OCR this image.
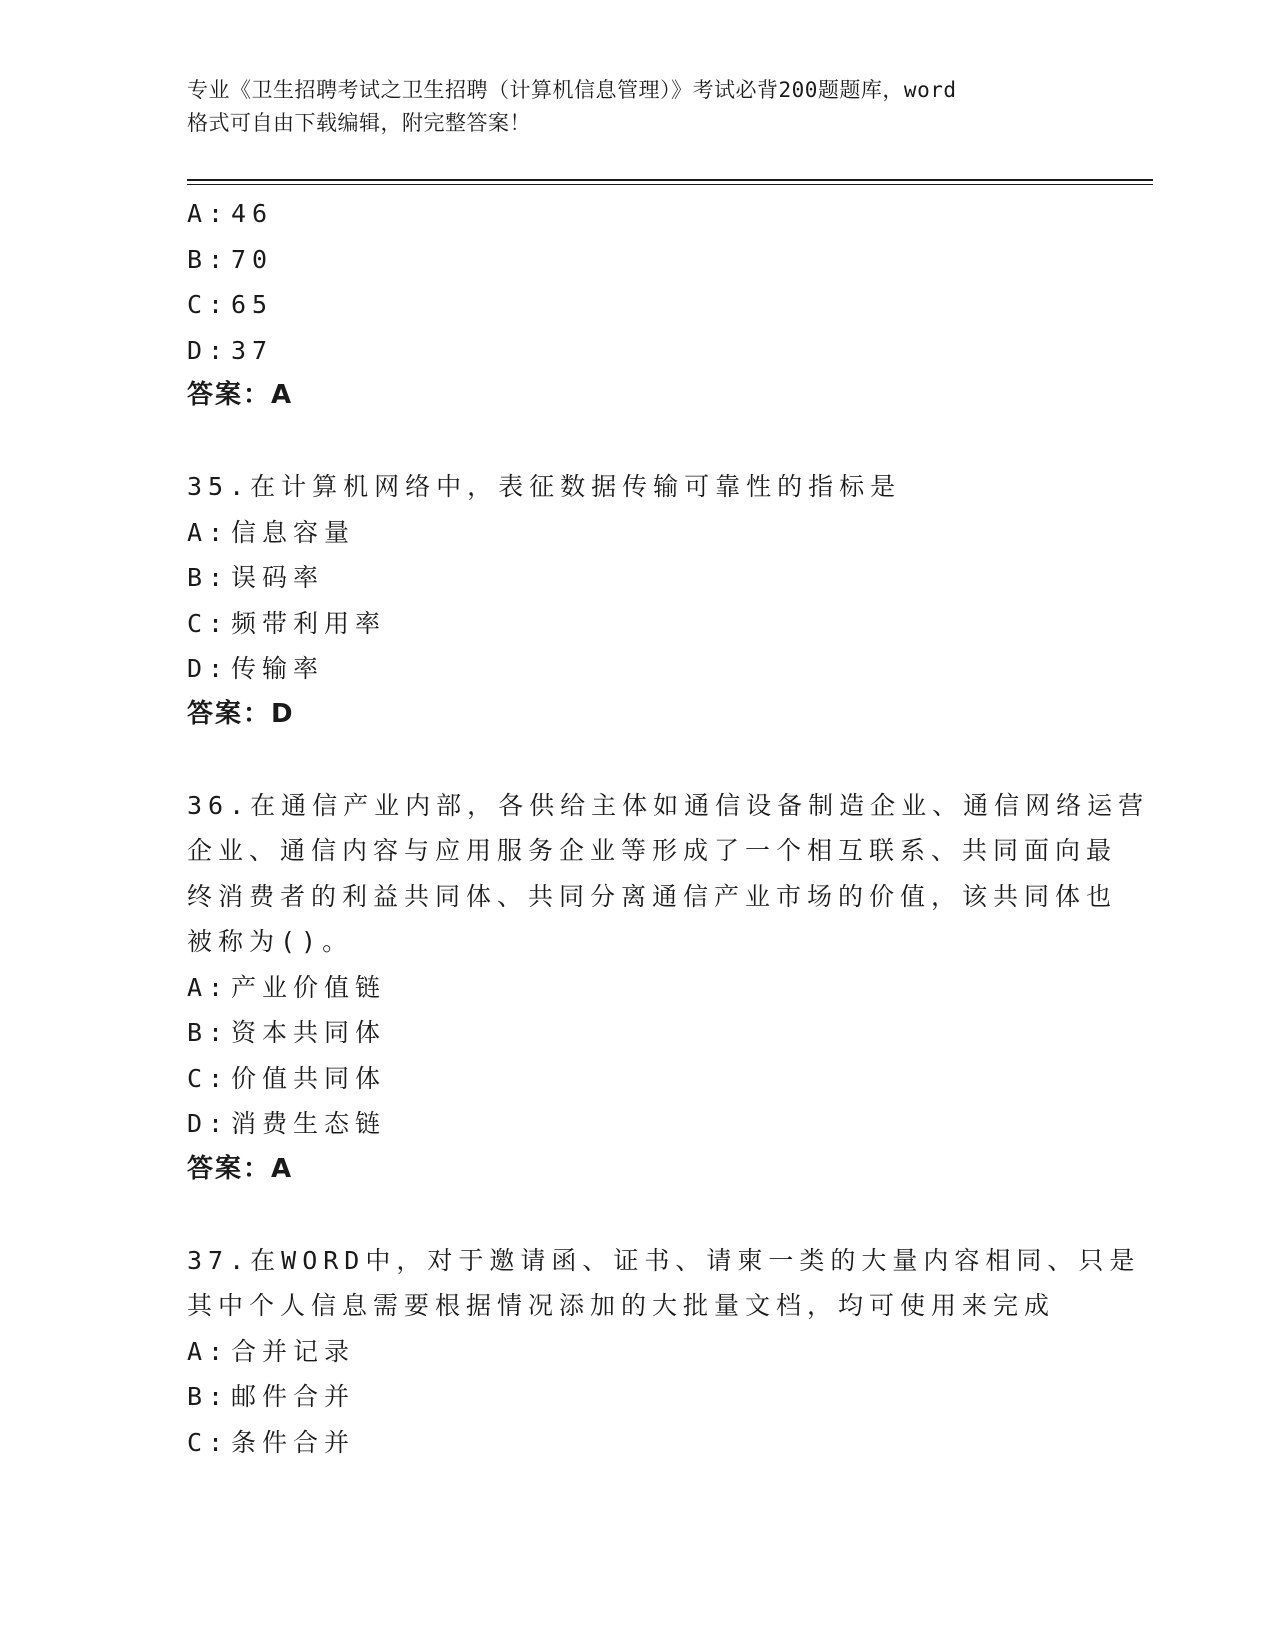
专业《卫生招聘考试之卫生招聘（计算机信息管理）》考试必背200题题库，word
格式可自由下载编辑，附完整答案！
A:46
B:70
C:65
D:37
答案：A
35.在计算机网络中，表征数据传输可靠性的指标是
A:信息容量
B:误码率
C:频带利用率
D:传输率
答案：D
36.在通信产业内部，各供给主体如通信设备制造企业、通信网络运营
企业、通信内容与应用服务企业等形成了一个相互联系、共同面向最
终消费者的利益共同体、共同分离通信产业市场的价值，该共同体也
被称为()。
A:产业价值链
B:资本共同体
C:价值共同体
D:消费生态链
答案：A
37.在WORD中，对于邀请函、证书、请柬一类的大量内容相同、只是
其中个人信息需要根据情况添加的大批量文档，均可使用来完成
A:合并记录
B:邮件合并
C:条件合并
